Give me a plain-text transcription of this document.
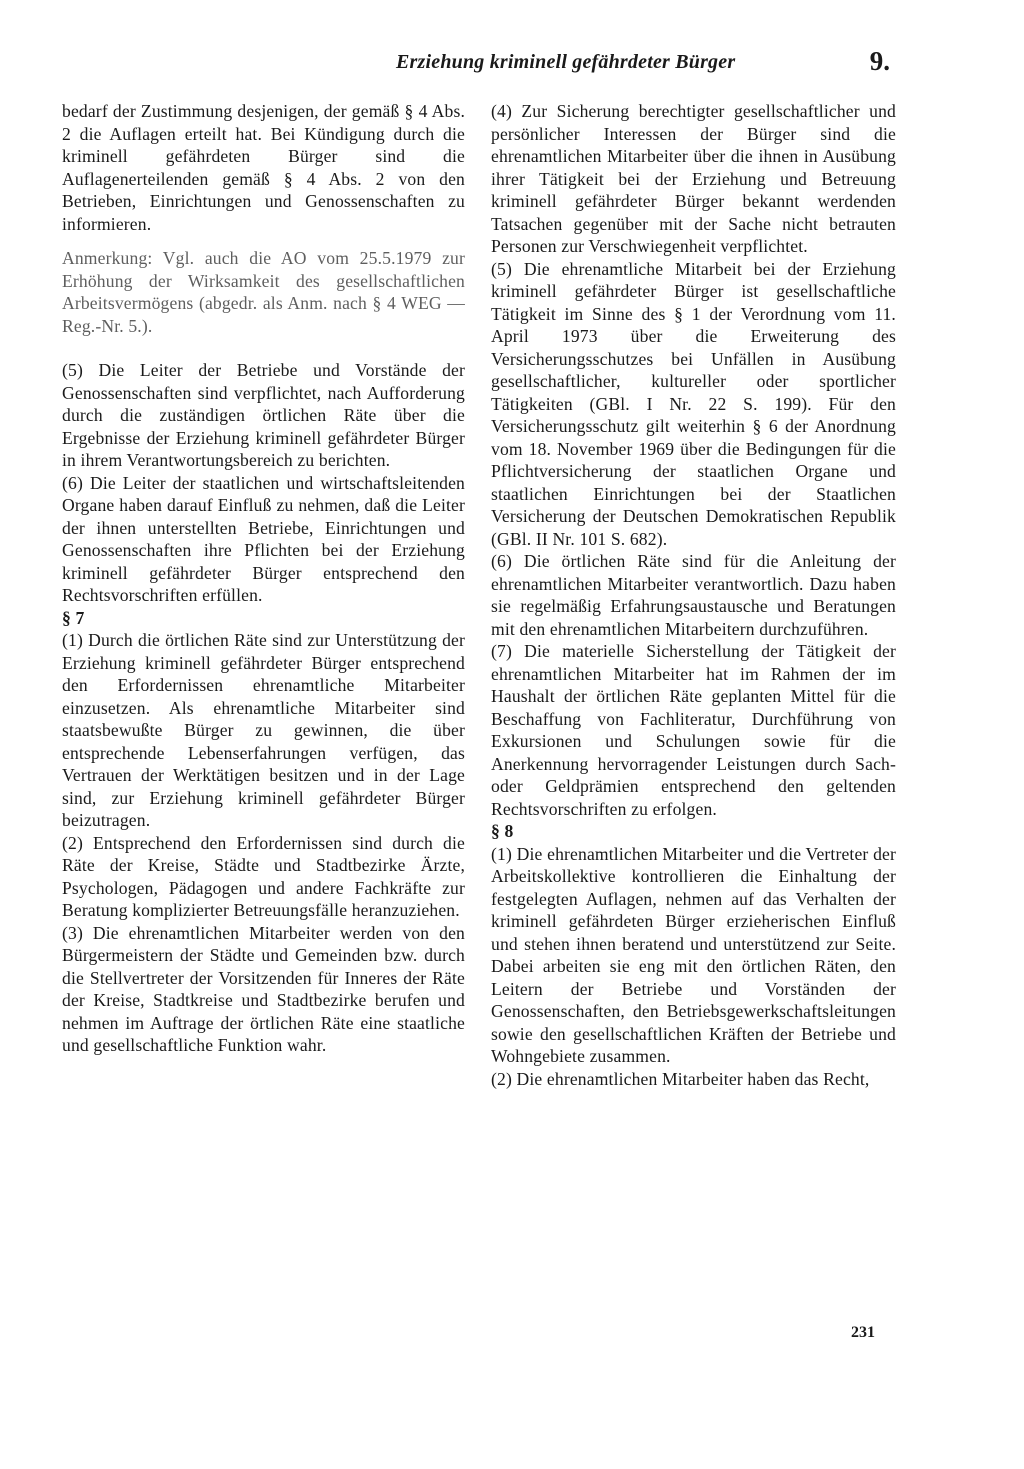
Erziehung kriminell gefährdeter Bürger	9.

bedarf der Zustimmung desjenigen, der gemäß § 4 Abs. 2 die Auflagen erteilt hat. Bei Kündigung durch die kriminell gefährdeten Bürger sind die Auflagenerteilenden gemäß § 4 Abs. 2 von den Betrieben, Einrichtungen und Genossenschaften zu informieren.

Anmerkung: Vgl. auch die AO vom 25.5.1979 zur Erhöhung der Wirksamkeit des gesellschaftlichen Arbeitsvermögens (abgedr. als Anm. nach § 4 WEG — Reg.-Nr. 5.).

(5) Die Leiter der Betriebe und Vorstände der Genossenschaften sind verpflichtet, nach Aufforderung durch die zuständigen örtlichen Räte über die Ergebnisse der Erziehung kriminell gefährdeter Bürger in ihrem Verantwortungsbereich zu berichten.

(6) Die Leiter der staatlichen und wirtschaftsleitenden Organe haben darauf Einfluß zu nehmen, daß die Leiter der ihnen unterstellten Betriebe, Einrichtungen und Genossenschaften ihre Pflichten bei der Erziehung kriminell gefährdeter Bürger entsprechend den Rechtsvorschriften erfüllen.

§ 7

(1) Durch die örtlichen Räte sind zur Unterstützung der Erziehung kriminell gefährdeter Bürger entsprechend den Erfordernissen ehrenamtliche Mitarbeiter einzusetzen. Als ehrenamtliche Mitarbeiter sind staatsbewußte Bürger zu gewinnen, die über entsprechende Lebenserfahrungen verfügen, das Vertrauen der Werktätigen besitzen und in der Lage sind, zur Erziehung kriminell gefährdeter Bürger beizutragen.

(2) Entsprechend den Erfordernissen sind durch die Räte der Kreise, Städte und Stadtbezirke Ärzte, Psychologen, Pädagogen und andere Fachkräfte zur Beratung komplizierter Betreuungsfälle heranzuziehen.

(3) Die ehrenamtlichen Mitarbeiter werden von den Bürgermeistern der Städte und Gemeinden bzw. durch die Stellvertreter der Vorsitzenden für Inneres der Räte der Kreise, Stadtkreise und Stadtbezirke berufen und nehmen im Auftrage der örtlichen Räte eine staatliche und gesellschaftliche Funktion wahr.

(4) Zur Sicherung berechtigter gesellschaftlicher und persönlicher Interessen der Bürger sind die ehrenamtlichen Mitarbeiter über die ihnen in Ausübung ihrer Tätigkeit bei der Erziehung und Betreuung kriminell gefährdeter Bürger bekannt werdenden Tatsachen gegenüber mit der Sache nicht betrauten Personen zur Verschwiegenheit verpflichtet.

(5) Die ehrenamtliche Mitarbeit bei der Erziehung kriminell gefährdeter Bürger ist gesellschaftliche Tätigkeit im Sinne des § 1 der Verordnung vom 11. April 1973 über die Erweiterung des Versicherungsschutzes bei Unfällen in Ausübung gesellschaftlicher, kultureller oder sportlicher Tätigkeiten (GBl. I Nr. 22 S. 199). Für den Versicherungsschutz gilt weiterhin § 6 der Anordnung vom 18. November 1969 über die Bedingungen für die Pflichtversicherung der staatlichen Organe und staatlichen Einrichtungen bei der Staatlichen Versicherung der Deutschen Demokratischen Republik (GBl. II Nr. 101 S. 682).

(6) Die örtlichen Räte sind für die Anleitung der ehrenamtlichen Mitarbeiter verantwortlich. Dazu haben sie regelmäßig Erfahrungsaustausche und Beratungen mit den ehrenamtlichen Mitarbeitern durchzuführen.

(7) Die materielle Sicherstellung der Tätigkeit der ehrenamtlichen Mitarbeiter hat im Rahmen der im Haushalt der örtlichen Räte geplanten Mittel für die Beschaffung von Fachliteratur, Durchführung von Exkursionen und Schulungen sowie für die Anerkennung hervorragender Leistungen durch Sach- oder Geldprämien entsprechend den geltenden Rechtsvorschriften zu erfolgen.

§ 8

(1) Die ehrenamtlichen Mitarbeiter und die Vertreter der Arbeitskollektive kontrollieren die Einhaltung der festgelegten Auflagen, nehmen auf das Verhalten der kriminell gefährdeten Bürger erzieherischen Einfluß und stehen ihnen beratend und unterstützend zur Seite. Dabei arbeiten sie eng mit den örtlichen Räten, den Leitern der Betriebe und Vorständen der Genossenschaften, den Betriebsgewerkschaftsleitungen sowie den gesellschaftlichen Kräften der Betriebe und Wohngebiete zusammen.

(2) Die ehrenamtlichen Mitarbeiter haben das Recht,

231
